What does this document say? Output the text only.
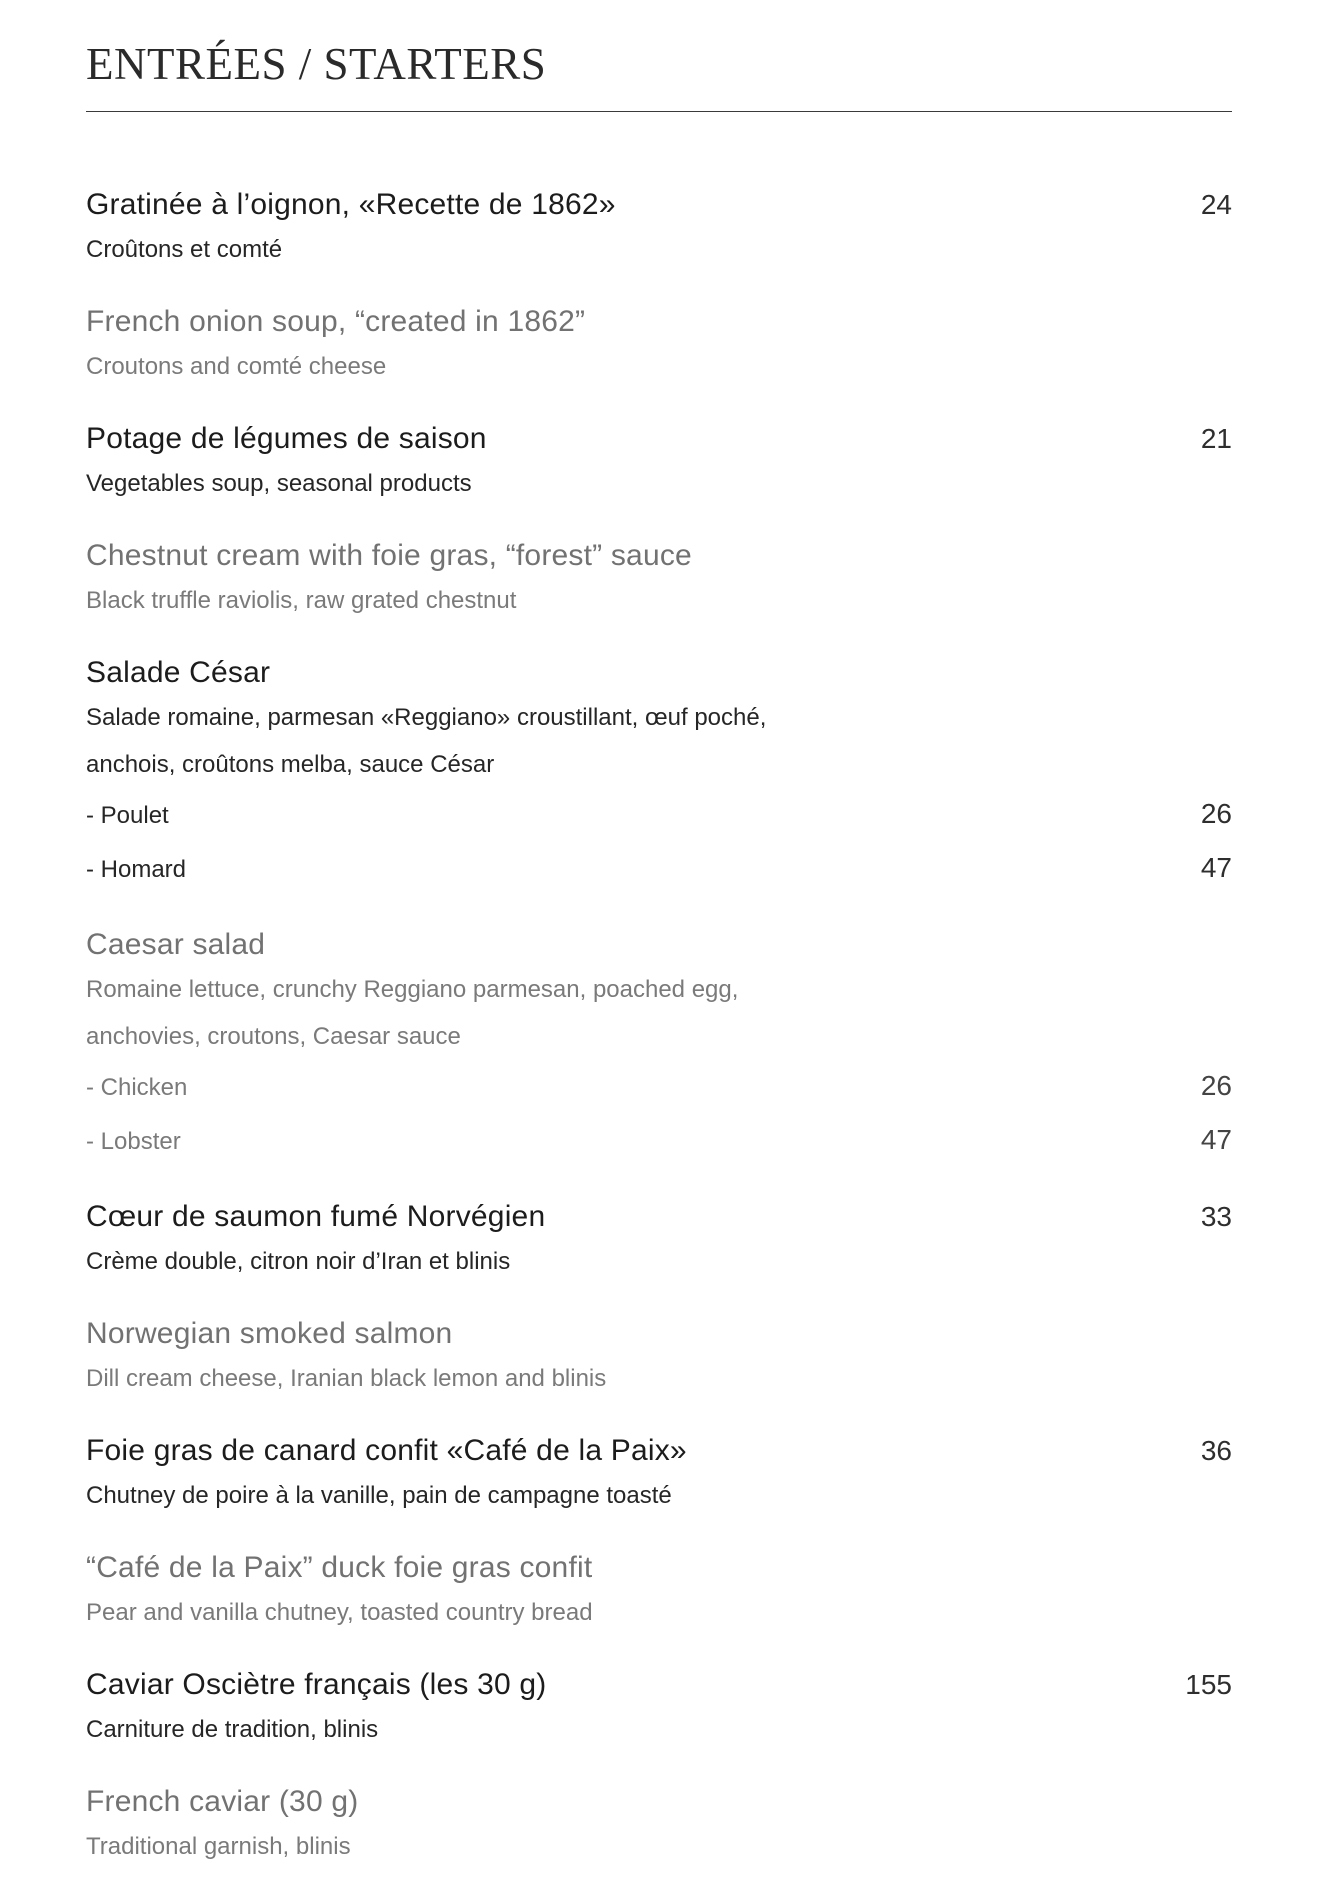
ENTRÉES / STARTERS
Gratinée à l’oignon, «Recette de 1862»	24
Croûtons et comté
French onion soup, “created in 1862”
Croutons and comté cheese
Potage de légumes de saison	21
Vegetables soup, seasonal products
Chestnut cream with foie gras, “forest” sauce
Black truffle raviolis, raw grated chestnut
Salade César
Salade romaine, parmesan «Reggiano» croustillant, œuf poché,
anchois, croûtons melba, sauce César
- Poulet	26
- Homard	47
Caesar salad
Romaine lettuce, crunchy Reggiano parmesan, poached egg,
anchovies, croutons, Caesar sauce
- Chicken	26
- Lobster	47
Cœur de saumon fumé Norvégien	33
Crème double, citron noir d’Iran et blinis
Norwegian smoked salmon
Dill cream cheese, Iranian black lemon and blinis
Foie gras de canard confit «Café de la Paix»	36
Chutney de poire à la vanille, pain de campagne toasté
“Café de la Paix” duck foie gras confit
Pear and vanilla chutney, toasted country bread
Caviar Osciètre français (les 30 g)	155
Carniture de tradition, blinis
French caviar (30 g)
Traditional garnish, blinis
